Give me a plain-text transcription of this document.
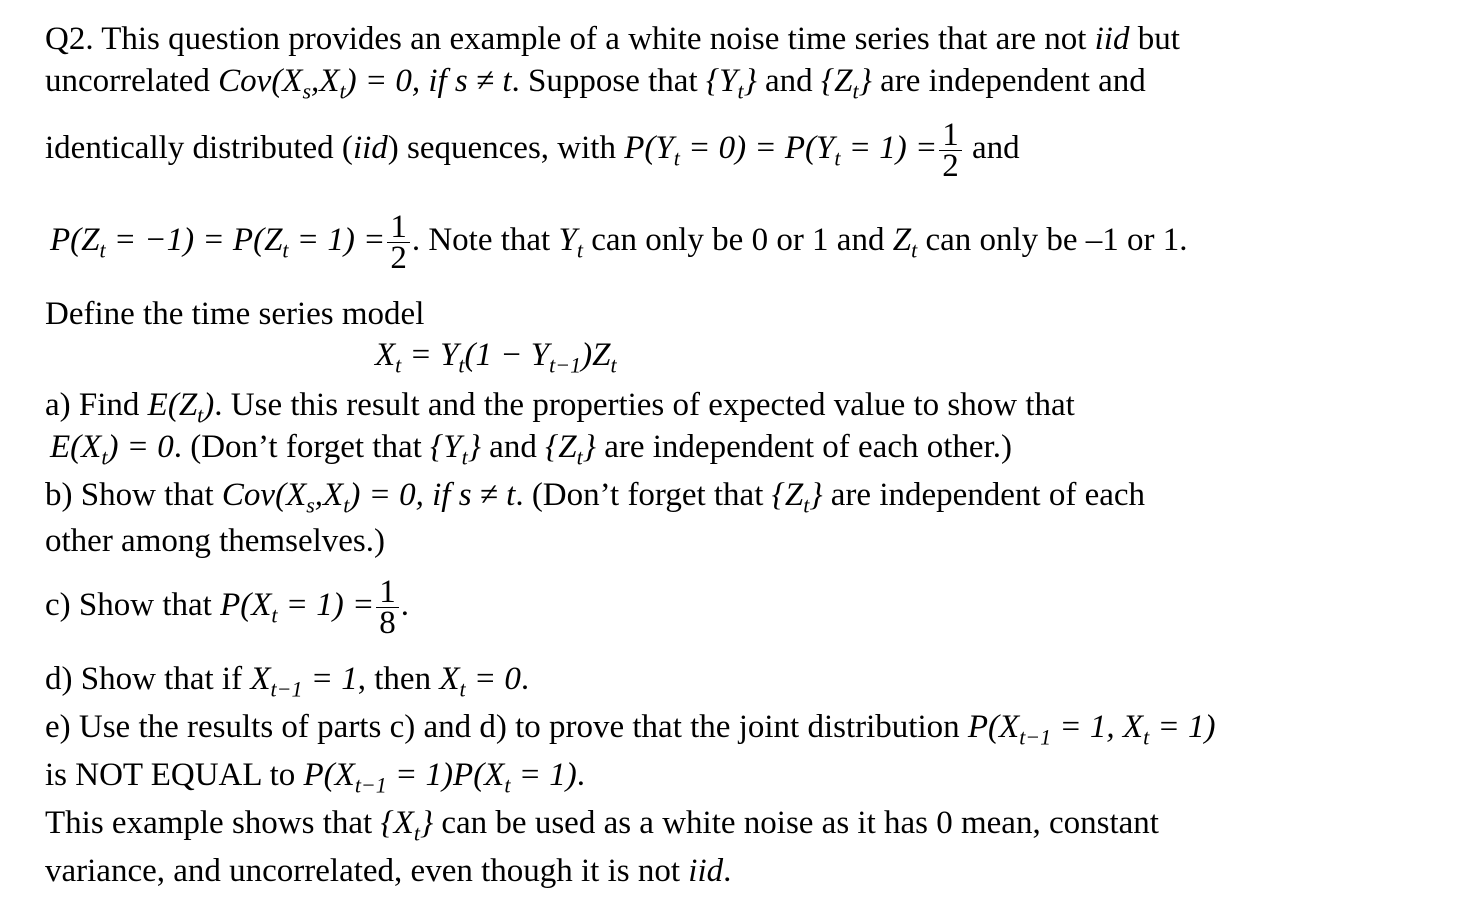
Q2. This question provides an example of a white noise time series that are not iid but
uncorrelated $Cov(X_s,X_t) = 0$, if s ≠ t. Suppose that $\{Y_t\}$ and $\{Z_t\}$ are independent and
identically distributed (iid) sequences, with $P(Y_t = 0) = P(Y_t = 1) = \frac{1}{2}$ and
$P(Z_t = -1) = P(Z_t = 1) = \frac{1}{2}$ . Note that $Y_t$ can only be 0 or 1 and $Z_t$ can only be –1 or 1.
Define the time series model
$X_t = Y_t(1 - Y_{t-1})Z_t$
a) Find $E(Z_t)$. Use this result and the properties of expected value to show that
$E(X_t) = 0$. (Don’t forget that $\{Y_t\}$ and $\{Z_t\}$ are independent of each other.)
b) Show that $Cov(X_s,X_t) = 0$, if s ≠ t. (Don’t forget that $\{Z_t\}$ are independent of each
other among themselves.)
c) Show that $P(X_t = 1) = \frac{1}{8}$ .
d) Show that if $X_{t-1} = 1$, then $X_t = 0$.
e) Use the results of parts c) and d) to prove that the joint distribution $P(X_{t-1} = 1$, $X_t = 1$)
is NOT EQUAL to $P(X_{t-1} = 1)P(X_t = 1)$.
This example shows that $\{X_t\}$ can be used as a white noise as it has 0 mean, constant
variance, and uncorrelated, even though it is not iid.
